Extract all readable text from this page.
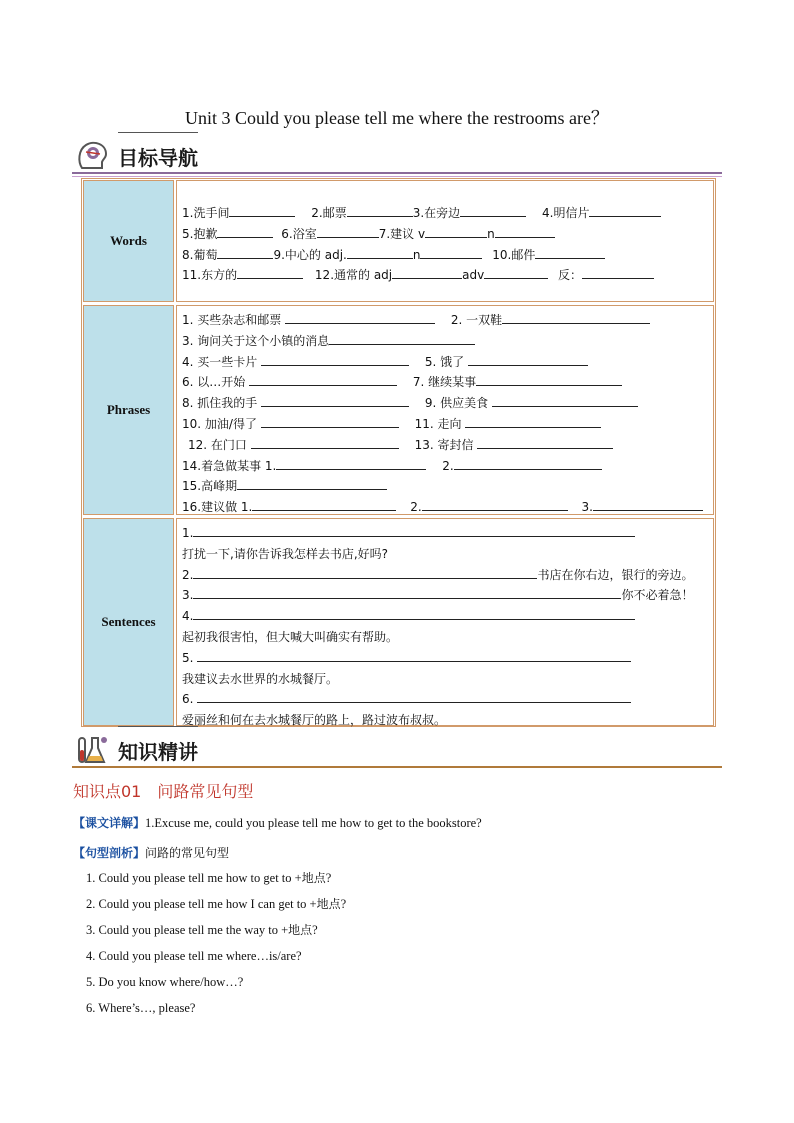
Unit 3 Could you please tell me where the restrooms are？
目标导航
Words
1.洗手间	2.邮票	3.在旁边	4.明信片
5.抱歉	6.浴室	7.建议 v	n
8.葡萄	9.中心的 adj.	n	10.邮件
11.东方的	12.通常的 adj	adv	反：
Phrases
1. 买些杂志和邮票	2. 一双鞋
3. 询问关于这个小镇的消息
4. 买一些卡片	5. 饿了
6. 以…开始	7. 继续某事
8. 抓住我的手	9. 供应美食
10. 加油/得了	11. 走向
12. 在门口	13. 寄封信
14.着急做某事 1.	2.
15.高峰期
16.建议做 1.	2.	3.
Sentences
1.
打扰一下,请你告诉我怎样去书店,好吗?
2.	书店在你右边，银行的旁边。
3.	你不必着急！
4.
起初我很害怕，但大喊大叫确实有帮助。
5.
我建议去水世界的水城餐厅。
6.
爱丽丝和何在去水城餐厅的路上，路过波布叔叔。
知识精讲
知识点01 问路常见句型
【课文详解】1.Excuse me, could you please tell me how to get to the bookstore?
【句型剖析】问路的常见句型
1. Could you please tell me how to get to +地点?
2. Could you please tell me how I can get to +地点?
3. Could you please tell me the way to +地点?
4. Could you please tell me where…is/are?
5. Do you know where/how…?
6. Where’s…, please?
